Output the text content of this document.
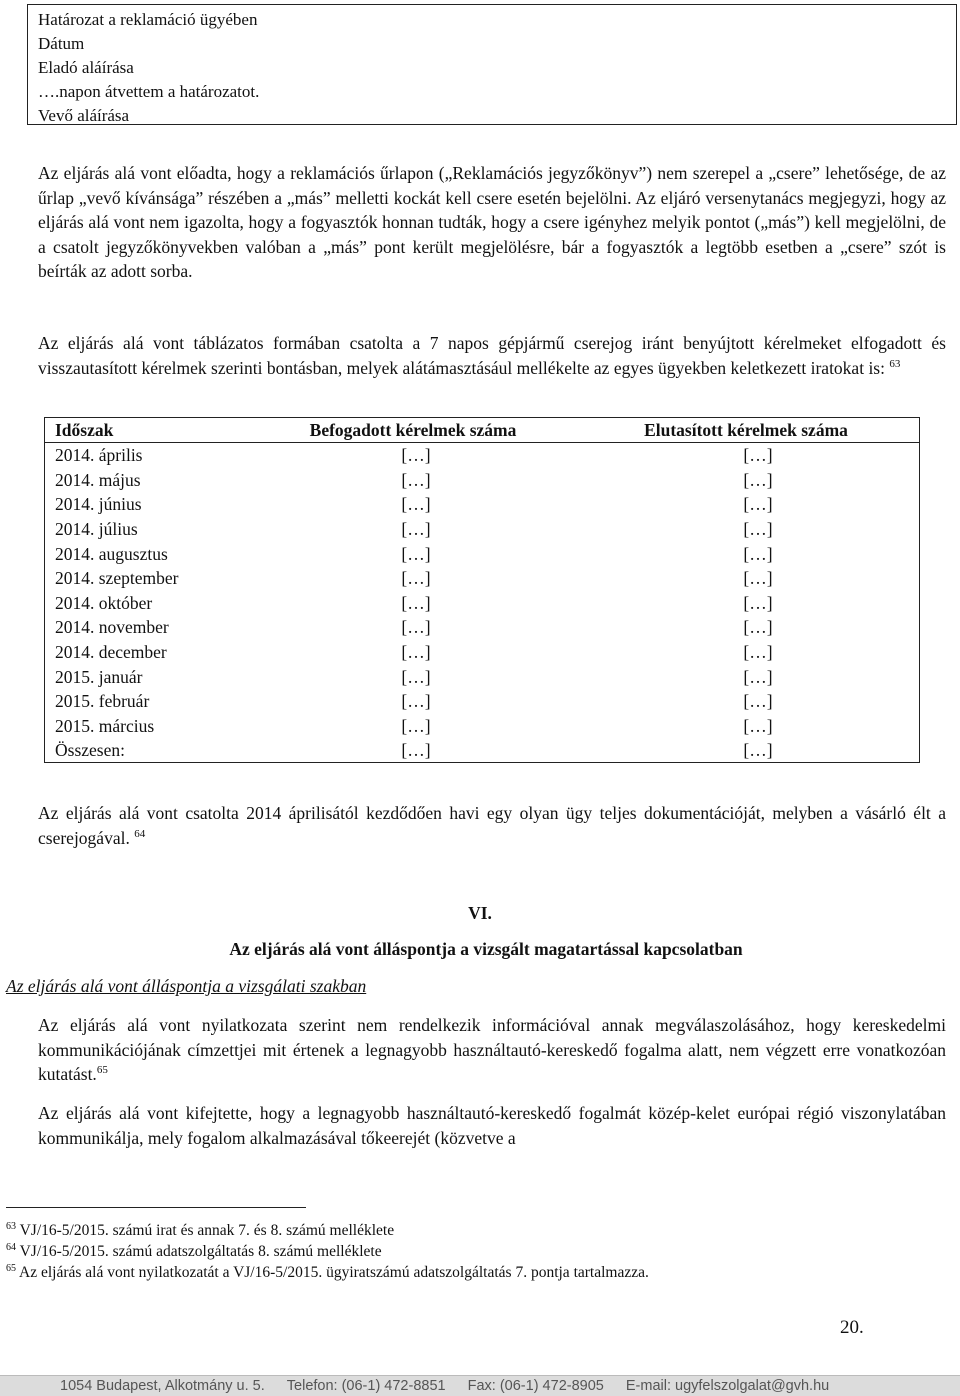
Határozat a reklamáció ügyében
Dátum
Eladó aláírása
….napon átvettem a határozatot.
Vevő aláírása
Az eljárás alá vont előadta, hogy a reklamációs űrlapon („Reklamációs jegyzőkönyv”) nem szerepel a „csere” lehetősége, de az űrlap „vevő kívánsága” részében a „más” melletti kockát kell csere esetén bejelölni. Az eljáró versenytanács megjegyzi, hogy az eljárás alá vont nem igazolta, hogy a fogyasztók honnan tudták, hogy a csere igényhez melyik pontot („más”) kell megjelölni, de a csatolt jegyzőkönyvekben valóban a „más” pont került megjelölésre, bár a fogyasztók a legtöbb esetben a „csere” szót is beírták az adott sorba.
Az eljárás alá vont táblázatos formában csatolta a 7 napos gépjármű cserejog iránt benyújtott kérelmeket elfogadott és visszautasított kérelmek szerinti bontásban, melyek alátámasztásául mellékelte az egyes ügyekben keletkezett iratokat is: $^{63}$
Időszak	Befogadott kérelmek száma	Elutasított kérelmek száma
2014. április	[…]	[…]
2014. május	[…]	[…]
2014. június	[…]	[…]
2014. július	[…]	[…]
2014. augusztus	[…]	[…]
2014. szeptember	[…]	[…]
2014. október	[…]	[…]
2014. november	[…]	[…]
2014. december	[…]	[…]
2015. január	[…]	[…]
2015. február	[…]	[…]
2015. március	[…]	[…]
Összesen:	[…]	[…]
Az eljárás alá vont csatolta 2014 áprilisától kezdődően havi egy olyan ügy teljes dokumentációját, melyben a vásárló élt a cserejogával. $^{64}$
VI.
Az eljárás alá vont álláspontja a vizsgált magatartással kapcsolatban
Az eljárás alá vont álláspontja a vizsgálati szakban
Az eljárás alá vont nyilatkozata szerint nem rendelkezik információval annak megválaszolásához, hogy kereskedelmi kommunikációjának címzettjei mit értenek a legnagyobb használtautó-kereskedő fogalma alatt, nem végzett erre vonatkozóan kutatást.$^{65}$
Az eljárás alá vont kifejtette, hogy a legnagyobb használtautó-kereskedő fogalmát közép-kelet európai régió viszonylatában kommunikálja, mely fogalom alkalmazásával tőkeerejét (közvetve a
$^{63}$ VJ/16-5/2015. számú irat és annak 7. és 8. számú melléklete
$^{64}$ VJ/16-5/2015. számú adatszolgáltatás 8. számú melléklete
$^{65}$ Az eljárás alá vont nyilatkozatát a VJ/16-5/2015. ügyiratszámú adatszolgáltatás 7. pontja tartalmazza.
20.
1054 Budapest, Alkotmány u. 5. Telefon: (06-1) 472-8851 Fax: (06-1) 472-8905 E-mail: ugyfelszolgalat@gvh.hu
